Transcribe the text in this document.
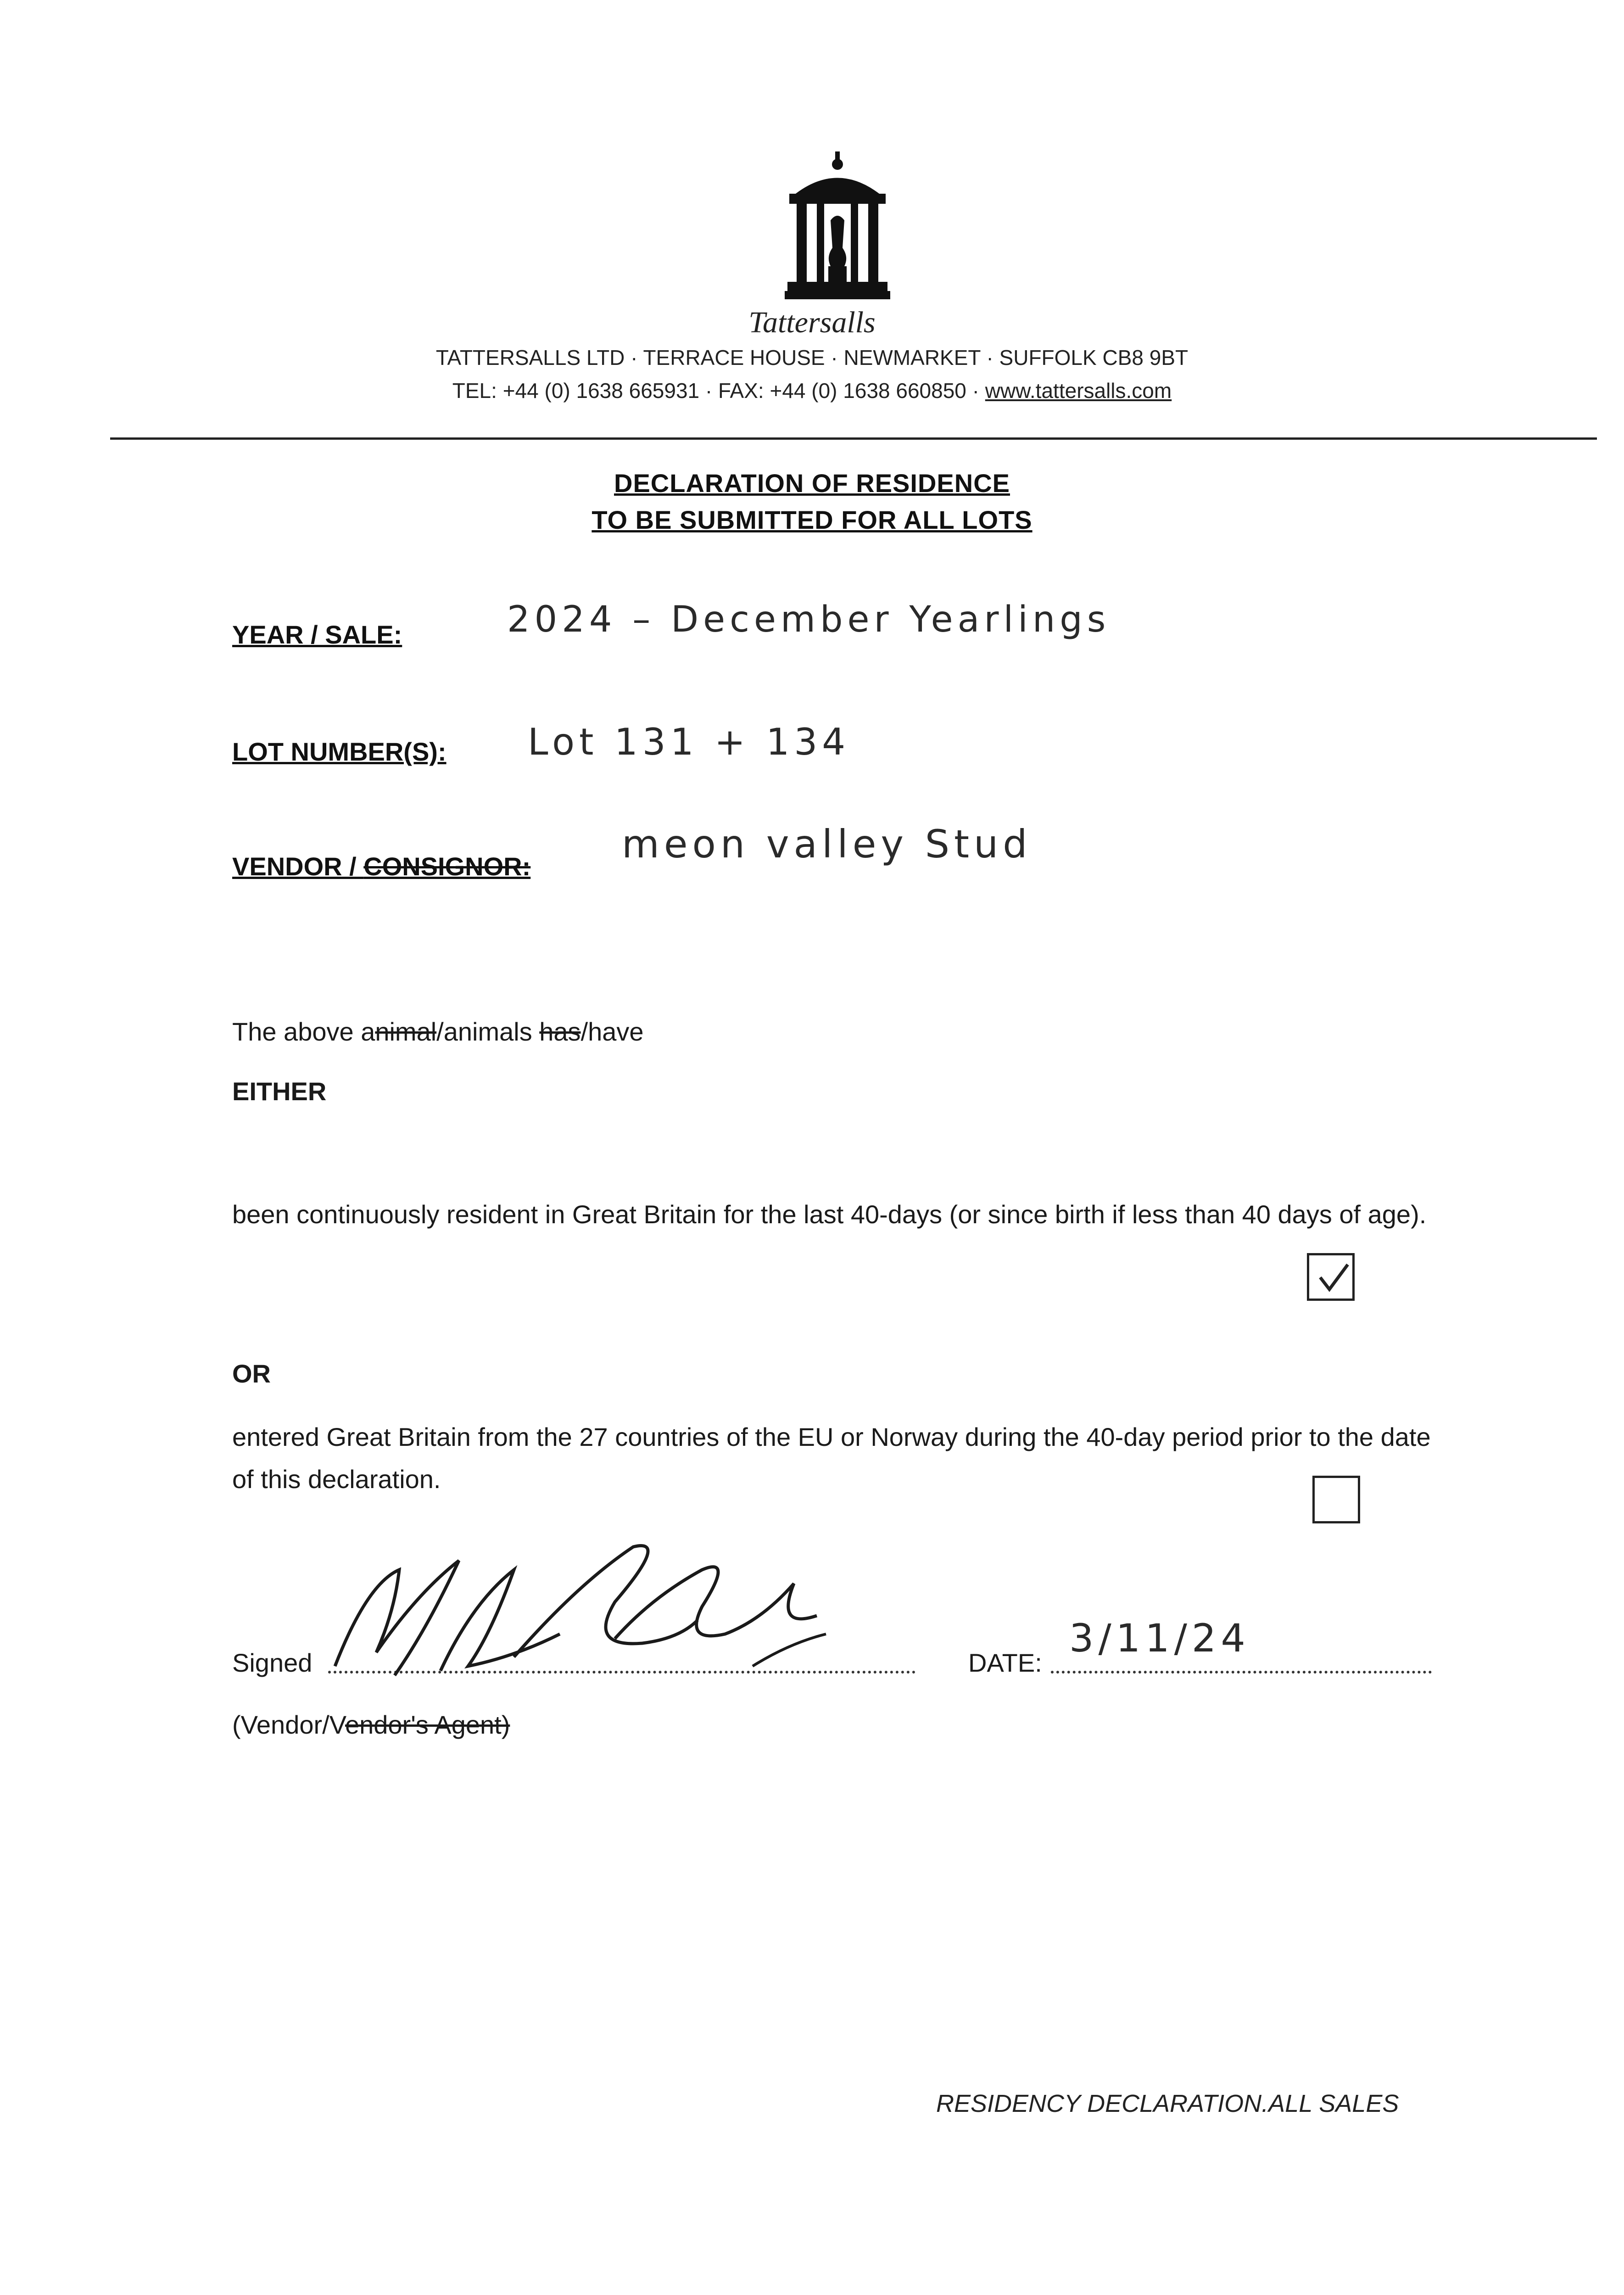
Tattersalls
TATTERSALLS LTD · TERRACE HOUSE · NEWMARKET · SUFFOLK CB8 9BT
TEL: +44 (0) 1638 665931 · FAX: +44 (0) 1638 660850 · www.tattersalls.com
DECLARATION OF RESIDENCE
TO BE SUBMITTED FOR ALL LOTS
YEAR / SALE:	2024 – December Yearlings
LOT NUMBER(S): Lot 131 + 134
VENDOR / CONSIGNOR: meon valley Stud
The above animal/animals has/have
EITHER
been continuously resident in Great Britain for the last 40-days (or since birth if less than 40 days of age).
OR
entered Great Britain from the 27 countries of the EU or Norway during the 40-day period prior to the date of this declaration.
Signed	DATE:
3/11/24
(Vendor/Vendor's Agent)
RESIDENCY DECLARATION.ALL SALES
